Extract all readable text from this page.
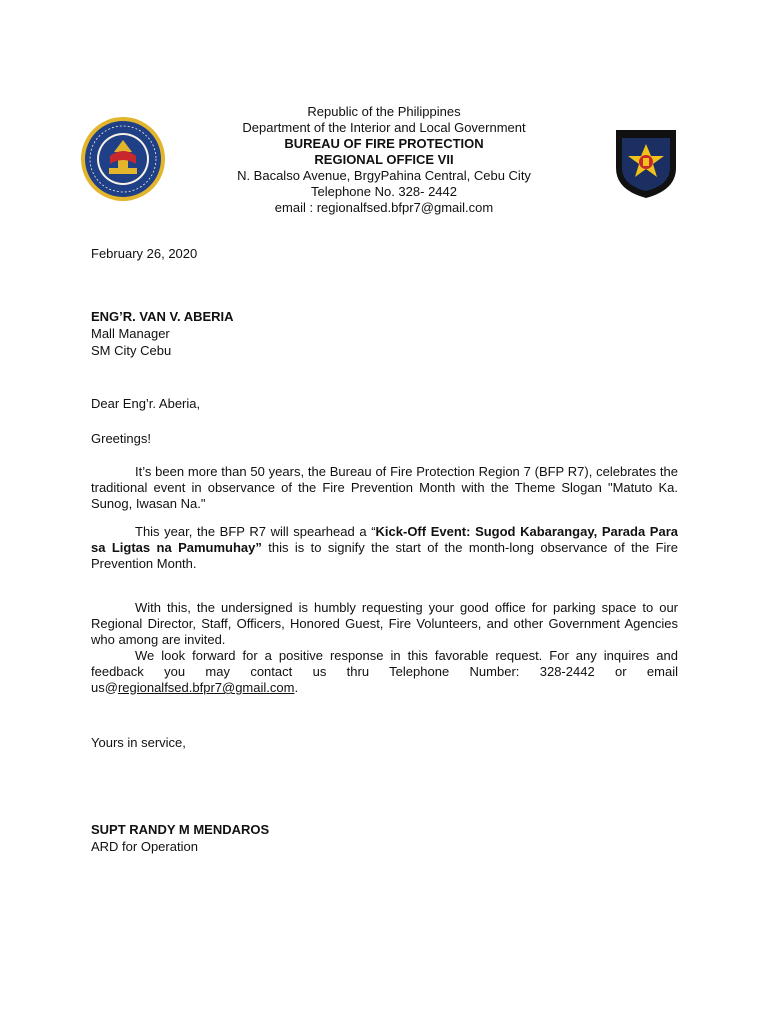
Republic of the Philippines
Department of the Interior and Local Government
BUREAU OF FIRE PROTECTION
REGIONAL OFFICE VII
N. Bacalso Avenue, BrgyPahina Central, Cebu City
Telephone No. 328- 2442
email : regionalfsed.bfpr7@gmail.com
February 26, 2020
ENG’R. VAN V. ABERIA
Mall Manager
SM City Cebu
Dear Eng’r. Aberia,
Greetings!
It’s been more than 50 years, the Bureau of Fire Protection Region 7 (BFP R7), celebrates the traditional event in observance of the Fire Prevention Month with the Theme Slogan "Matuto Ka. Sunog, Iwasan Na."
This year, the BFP R7 will spearhead a “Kick-Off Event: Sugod Kabarangay, Parada Para sa Ligtas na Pamumuhay” this is to signify the start of the month-long observance of the Fire Prevention Month.
With this, the undersigned is humbly requesting your good office for parking space to our Regional Director, Staff, Officers, Honored Guest, Fire Volunteers, and other Government Agencies who among are invited.
We look forward for a positive response in this favorable request. For any inquires and feedback you may contact us thru Telephone Number: 328-2442 or email us@regionalfsed.bfpr7@gmail.com.
Yours in service,
SUPT RANDY M MENDAROS
ARD for Operation
